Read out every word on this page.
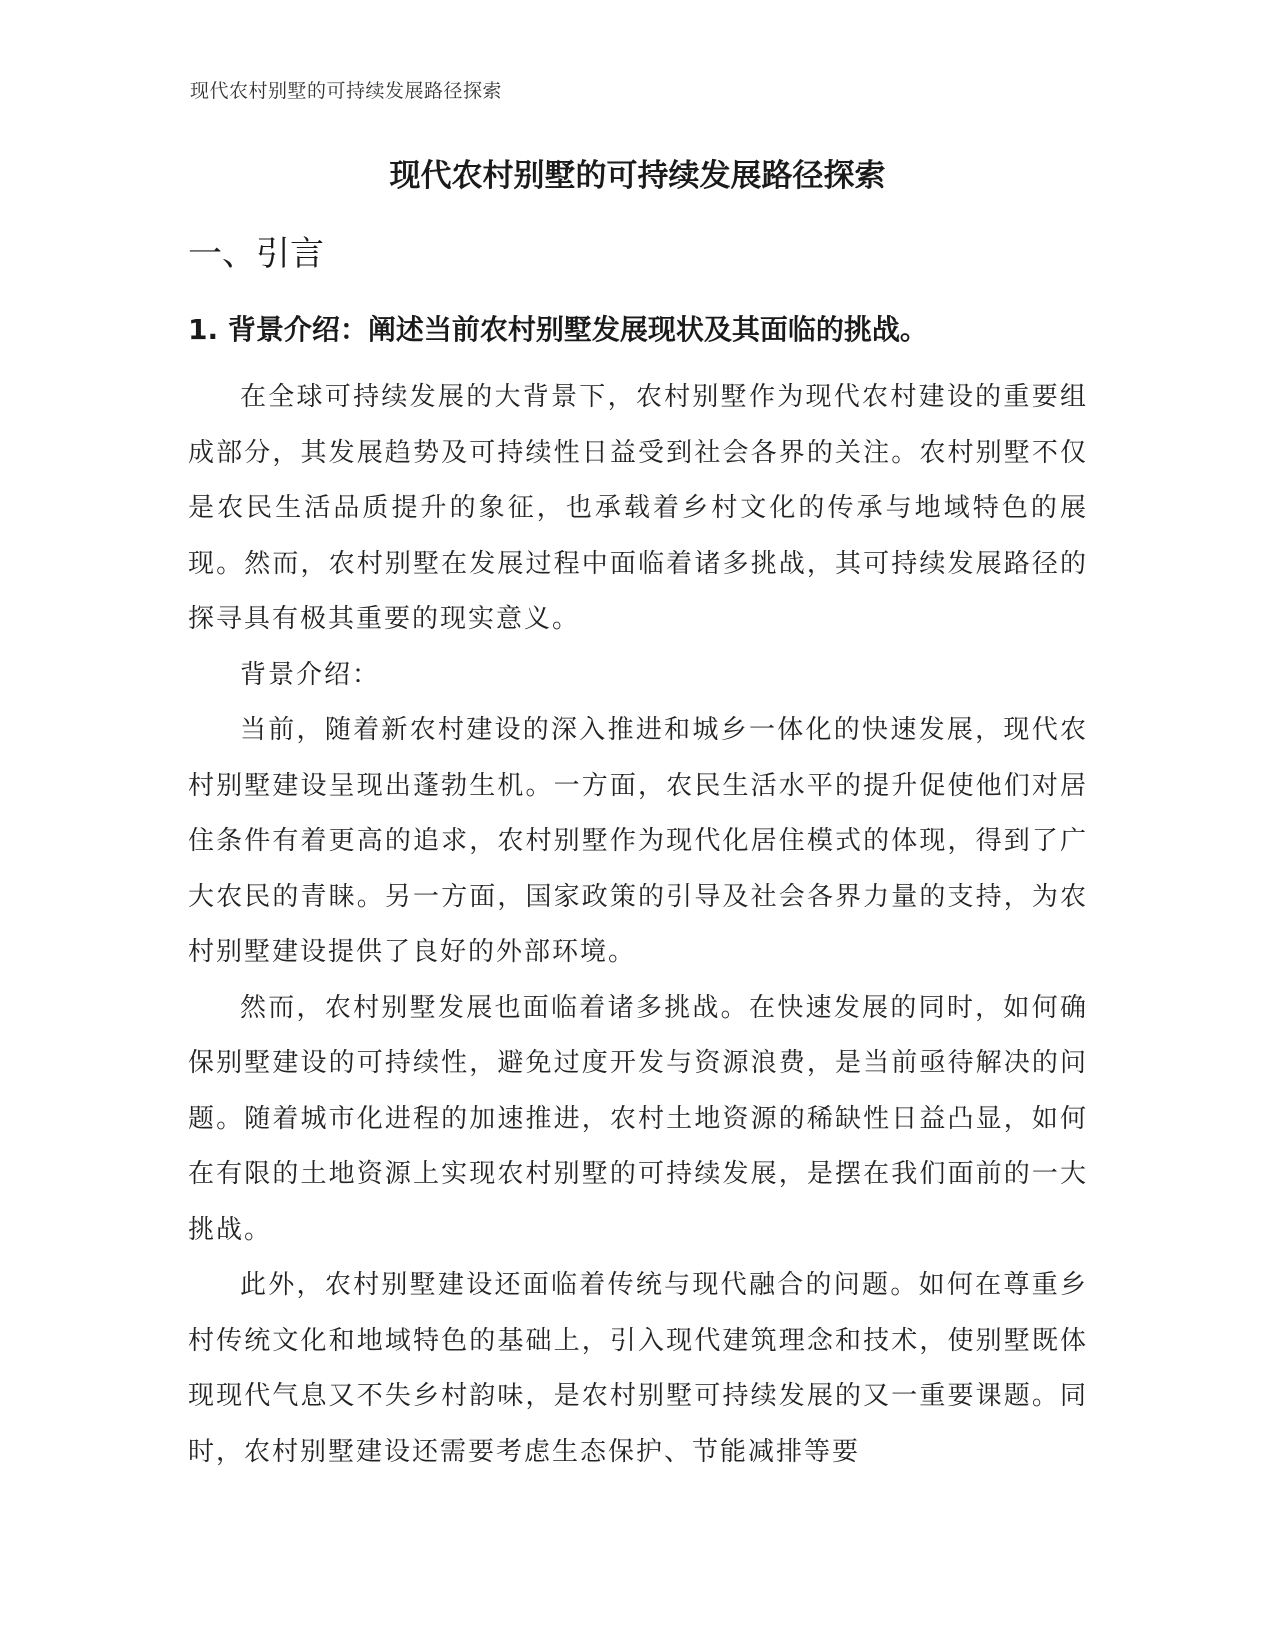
现代农村别墅的可持续发展路径探索
现代农村别墅的可持续发展路径探索
一、引言
1. 背景介绍：阐述当前农村别墅发展现状及其面临的挑战。

在全球可持续发展的大背景下，农村别墅作为现代农村建设的重要组成部分，其发展趋势及可持续性日益受到社会各界的关注。农村别墅不仅是农民生活品质提升的象征，也承载着乡村文化的传承与地域特色的展现。然而，农村别墅在发展过程中面临着诸多挑战，其可持续发展路径的探寻具有极其重要的现实意义。

背景介绍：

当前，随着新农村建设的深入推进和城乡一体化的快速发展，现代农村别墅建设呈现出蓬勃生机。一方面，农民生活水平的提升促使他们对居住条件有着更高的追求，农村别墅作为现代化居住模式的体现，得到了广大农民的青睐。另一方面，国家政策的引导及社会各界力量的支持，为农村别墅建设提供了良好的外部环境。

然而，农村别墅发展也面临着诸多挑战。在快速发展的同时，如何确保别墅建设的可持续性，避免过度开发与资源浪费，是当前亟待解决的问题。随着城市化进程的加速推进，农村土地资源的稀缺性日益凸显，如何在有限的土地资源上实现农村别墅的可持续发展，是摆在我们面前的一大挑战。

此外，农村别墅建设还面临着传统与现代融合的问题。如何在尊重乡村传统文化和地域特色的基础上，引入现代建筑理念和技术，使别墅既体现现代气息又不失乡村韵味，是农村别墅可持续发展的又一重要课题。同时，农村别墅建设还需要考虑生态保护、节能减排等要
